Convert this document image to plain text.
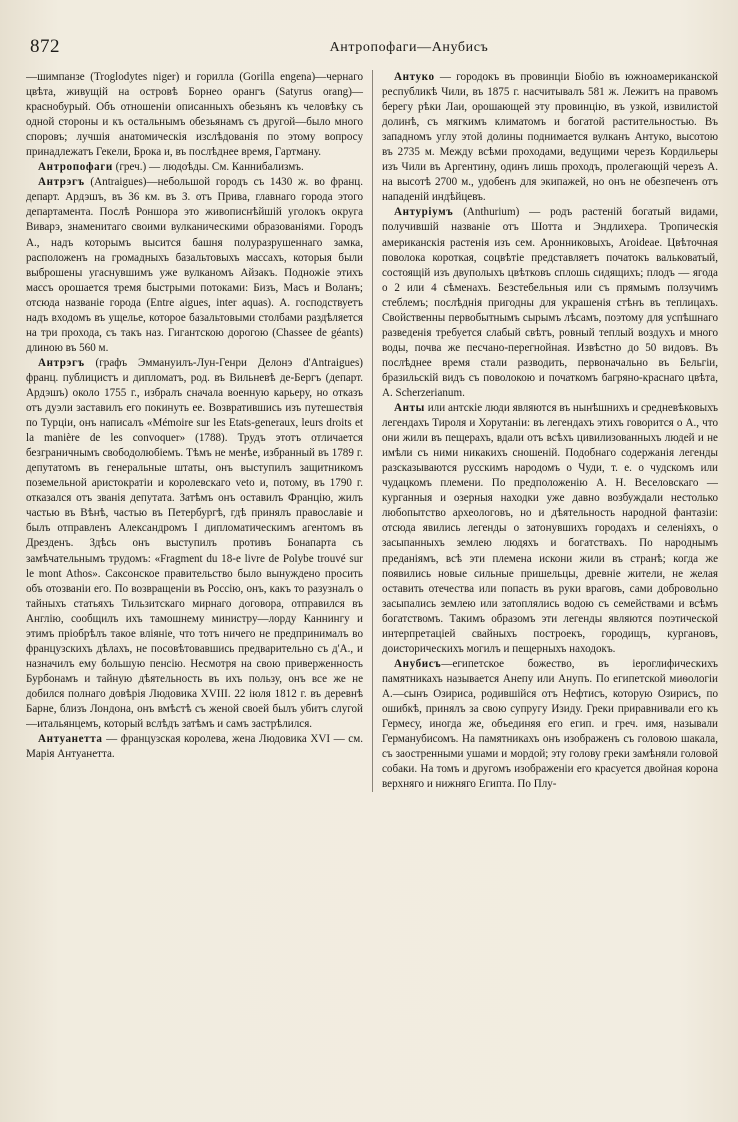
872	Антропофаги—Анубисъ

—шимпанзе (Troglodytes niger) и горилла (Gorilla engena)—чернаго цвѣта, живущій на островѣ Борнео орангъ (Satyrus orang)—краснобурый. Объ отношеніи описанныхъ обезьянъ къ человѣку съ одной стороны и къ остальнымъ обезьянамъ съ другой—было много споровъ; лучшія анатомическія изслѣдованія по этому вопросу принадлежатъ Гекели, Брока и, въ послѣднее время, Гартману.

Антропофаги (греч.) — людоѣды. См. Каннибализмъ.

Антрэгъ (Antraigues)—небольшой городъ съ 1430 ж. во франц. департ. Ардэшъ, въ 36 км. въ З. отъ Привa, главнаго города этого департамента. Послѣ Роншора это живописнѣйшій уголокъ округа Виварэ, знаменитаго своими вулканическими образованіями. Городъ А., надъ которымъ высится башня полуразрушеннаго замка, расположенъ на громадныхъ базальтовыхъ массахъ, которыя были выброшены угаснувшимъ уже вулканомъ Айзакъ. Подножіе этихъ массъ орошается тремя быстрыми потоками: Бизъ, Масъ и Воланъ; отсюда названіе города (Entre aigues, inter aquas). А. господствуетъ надъ входомъ въ ущелье, которое базальтовыми столбами раздѣляется на три прохода, съ такъ наз. Гигантскою дорогою (Chassee de géants) длиною въ 560 м.

Антрэгъ (графъ Эммануилъ-Лун-Генри Делонэ d'Antraigues) франц. публицистъ и дипломатъ, род. въ Вильневѣ де-Бергъ (департ. Ардэшъ) около 1755 г., избралъ сначала военную карьеру, но отказъ отъ дуэли заставилъ его покинуть ее. Возвратившись изъ путешествія по Турціи, онъ написалъ «Mémoire sur les Etats-generaux, leurs droits et la manière de les convoquer» (1788). Трудъ этотъ отличается безграничнымъ свободолюбіемъ. Тѣмъ не менѣе, избранный въ 1789 г. депутатомъ въ генеральные штаты, онъ выступилъ защитникомъ поземельной аристократіи и королевскаго veto и, потому, въ 1790 г. отказался отъ званія депутата. Затѣмъ онъ оставилъ Францію, жилъ частью въ Вѣнѣ, частью въ Петербургѣ, гдѣ принялъ православіе и былъ отправленъ Александромъ I дипломатическимъ агентомъ въ Дрезденъ. Здѣсь онъ выступилъ противъ Бонапарта съ замѣчательнымъ трудомъ: «Fragment du 18-e livre de Polybe trouvé sur le mont Athos». Саксонское правительство было вынуждено просить объ отозваніи его. По возвращеніи въ Россію, онъ, какъ то разузналъ о тайныхъ статьяхъ Тильзитскаго мирнаго договора, отправился въ Англію, сообщилъ ихъ тамошнему министру—лорду Каннингу и этимъ пріобрѣлъ такое вліяніе, что тотъ ничего не предпринималъ во французскихъ дѣлахъ, не посовѣтовавшись предварительно съ д'А., и назначилъ ему большую пенсію. Несмотря на свою приверженность Бурбонамъ и тайную дѣятельность въ ихъ пользу, онъ все же не добился полнаго довѣрія Людовика XVIII. 22 іюля 1812 г. въ деревнѣ Барне, близъ Лондона, онъ вмѣстѣ съ женой своей былъ убитъ слугой—итальянцемъ, который вслѣдъ затѣмъ и самъ застрѣлился.

Антуанетта — французская королева, жена Людовика XVI — см. Марія Антуанетта.

Антуко — городокъ въ провинціи Біобіо въ южноамериканской республикѣ Чили, въ 1875 г. насчитывалъ 581 ж. Лежитъ на правомъ берегу рѣки Лаи, орошающей эту провинцію, въ узкой, извилистой долинѣ, съ мягкимъ климатомъ и богатой растительностью. Въ западномъ углу этой долины поднимается вулканъ Антуко, высотою въ 2735 м. Между всѣми проходами, ведущими черезъ Кордильеры изъ Чили въ Аргентину, одинъ лишь проходъ, пролегающій черезъ А. на высотѣ 2700 м., удобенъ для экипажей, но онъ не обезпеченъ отъ нападеній индѣйцевъ.

Антуріумъ (Anthurium) — родъ растеній богатый видами, получившій названіе отъ Шотта и Эндлихера. Тропическія американскія растенія изъ сем. Аронниковыхъ, Aroideae. Цвѣточная поволока короткая, соцвѣтіе представляетъ початокъ вальковатый, состоящій изъ двуполыхъ цвѣтковъ сплошь сидящихъ; плодъ — ягода о 2 или 4 сѣменахъ. Безстебельныя или съ прямымъ ползучимъ стеблемъ; послѣднія пригодны для украшенія стѣнъ въ теплицахъ. Свойственны первобытнымъ сырымъ лѣсамъ, поэтому для успѣшнаго разведенія требуется слабый свѣтъ, ровный теплый воздухъ и много воды, почва же песчано-перегнойная. Извѣстно до 50 видовъ. Въ послѣднее время стали разводить, первоначально въ Бельгіи, бразильскій видъ съ поволокою и початкомъ багряно-краснаго цвѣта, A. Scherzerianum.

Анты или антскіе люди являются въ нынѣшнихъ и средневѣковыхъ легендахъ Тироля и Хорутаніи: въ легендахъ этихъ говорится о А., что они жили въ пещерахъ, вдали отъ всѣхъ цивилизованныхъ людей и не имѣли съ ними никакихъ сношеній. Подобнаго содержанія легенды разсказываются русскимъ народомъ о Чуди, т. е. о чудскомъ или чудацкомъ племени. По предположенію А. Н. Веселовскаго — курганныя и озерныя находки уже давно возбуждали нестолько любопытство археологовъ, но и дѣятельность народной фантазіи: отсюда явились легенды о затонувшихъ городахъ и селеніяхъ, о засыпанныхъ землею людяхъ и богатствахъ. По народнымъ преданіямъ, всѣ эти племена искони жили въ странѣ; когда же появились новые сильные пришельцы, древніе жители, не желая оставить отечества или попасть въ руки враговъ, сами добровольно засыпались землею или затоплялись водою съ семействами и всѣмъ богатствомъ. Такимъ образомъ эти легенды являются поэтической интерпретаціей свайныхъ построекъ, городищъ, кургановъ, доисторическихъ могилъ и пещерныхъ находокъ.

Анубисъ—египетское божество, въ іероглифическихъ памятникахъ называется Анепу или Анупъ. По египетской миѳологіи А.—сынъ Озириса, родившійся отъ Нефтисъ, которую Озирисъ, по ошибкѣ, принялъ за свою супругу Изиду. Греки приравнивали его къ Гермесу, иногда же, объединяя его егип. и греч. имя, называли Германубисомъ. На памятникахъ онъ изображенъ съ головою шакала, съ заостренными ушами и мордой; эту голову греки замѣняли головой собаки. На томъ и другомъ изображеніи его красуется двойная корона верхняго и нижняго Египта. По Плу-
